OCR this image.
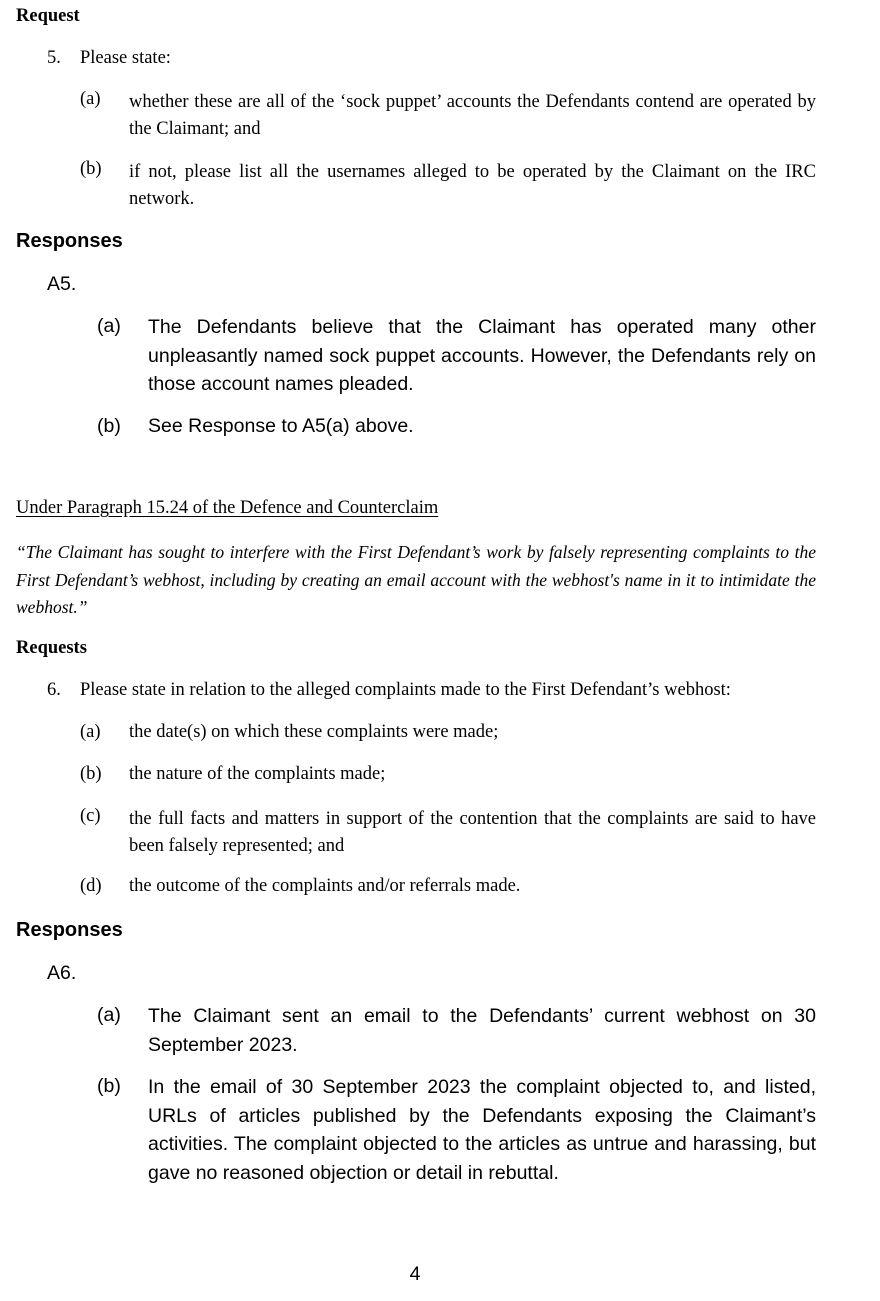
Request
5. Please state:
(a) whether these are all of the ‘sock puppet’ accounts the Defendants contend are operated by the Claimant; and
(b) if not, please list all the usernames alleged to be operated by the Claimant on the IRC network.
Responses
A5.
(a) The Defendants believe that the Claimant has operated many other unpleasantly named sock puppet accounts. However, the Defendants rely on those account names pleaded.
(b) See Response to A5(a) above.
Under Paragraph 15.24 of the Defence and Counterclaim
“The Claimant has sought to interfere with the First Defendant’s work by falsely representing complaints to the First Defendant’s webhost, including by creating an email account with the webhost's name in it to intimidate the webhost.”
Requests
6. Please state in relation to the alleged complaints made to the First Defendant’s webhost:
(a) the date(s) on which these complaints were made;
(b) the nature of the complaints made;
(c) the full facts and matters in support of the contention that the complaints are said to have been falsely represented; and
(d) the outcome of the complaints and/or referrals made.
Responses
A6.
(a) The Claimant sent an email to the Defendants’ current webhost on 30 September 2023.
(b) In the email of 30 September 2023 the complaint objected to, and listed, URLs of articles published by the Defendants exposing the Claimant’s activities. The complaint objected to the articles as untrue and harassing, but gave no reasoned objection or detail in rebuttal.
4
